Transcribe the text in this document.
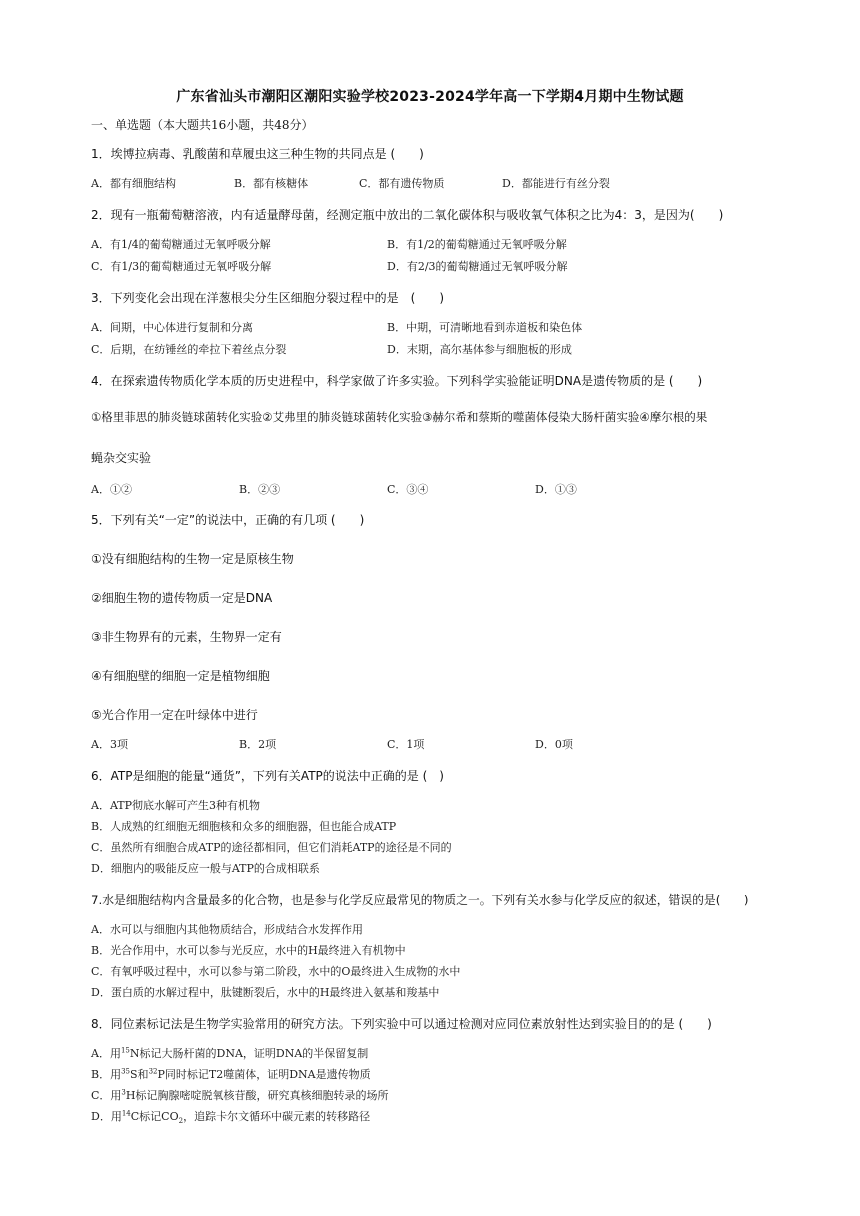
广东省汕头市潮阳区潮阳实验学校2023-2024学年高一下学期4月期中生物试题
一、单选题（本大题共16小题，共48分）
1．埃博拉病毒、乳酸菌和草履虫这三种生物的共同点是 (　　)
A．都有细胞结构	B．都有核糖体	C．都有遗传物质	D．都能进行有丝分裂
2．现有一瓶葡萄糖溶液，内有适量酵母菌，经测定瓶中放出的二氧化碳体积与吸收氧气体积之比为4：3，是因为(　　)
A．有1/4的葡萄糖通过无氧呼吸分解	B．有1/2的葡萄糖通过无氧呼吸分解
C．有1/3的葡萄糖通过无氧呼吸分解	D．有2/3的葡萄糖通过无氧呼吸分解
3．下列变化会出现在洋葱根尖分生区细胞分裂过程中的是　(　　)
A．间期，中心体进行复制和分离	B．中期，可清晰地看到赤道板和染色体
C．后期，在纺锤丝的牵拉下着丝点分裂	D．末期，高尔基体参与细胞板的形成
4．在探索遗传物质化学本质的历史进程中，科学家做了许多实验。下列科学实验能证明DNA是遗传物质的是 (　　)
①格里菲思的肺炎链球菌转化实验②艾弗里的肺炎链球菌转化实验③赫尔希和蔡斯的噬菌体侵染大肠杆菌实验④摩尔根的果
蝇杂交实验
A．①②	B．②③	C．③④	D．①③
5．下列有关“一定”的说法中，正确的有几项 (　　)
①没有细胞结构的生物一定是原核生物
②细胞生物的遗传物质一定是DNA
③非生物界有的元素，生物界一定有
④有细胞壁的细胞一定是植物细胞
⑤光合作用一定在叶绿体中进行
A．3项	B．2项	C．1项	D．0项
6．ATP是细胞的能量“通货”，下列有关ATP的说法中正确的是 (　)
A．ATP彻底水解可产生3种有机物
B．人成熟的红细胞无细胞核和众多的细胞器，但也能合成ATP
C．虽然所有细胞合成ATP的途径都相同，但它们消耗ATP的途径是不同的
D．细胞内的吸能反应一般与ATP的合成相联系
7.水是细胞结构内含量最多的化合物，也是参与化学反应最常见的物质之一。下列有关水参与化学反应的叙述，错误的是(　　)
A．水可以与细胞内其他物质结合，形成结合水发挥作用
B．光合作用中，水可以参与光反应，水中的H最终进入有机物中
C．有氧呼吸过程中，水可以参与第二阶段，水中的O最终进入生成物的水中
D．蛋白质的水解过程中，肽键断裂后，水中的H最终进入氨基和羧基中
8．同位素标记法是生物学实验常用的研究方法。下列实验中可以通过检测对应同位素放射性达到实验目的的是 (　　)
A．用$^{15}$N标记大肠杆菌的DNA，证明DNA的半保留复制
B．用$^{35}$S和$^{32}$P同时标记T2噬菌体，证明DNA是遗传物质
C．用$^3$H标记胸腺嘧啶脱氧核苷酸，研究真核细胞转录的场所
D．用$^{14}$C标记$CO_2$，追踪卡尔文循环中碳元素的转移路径
